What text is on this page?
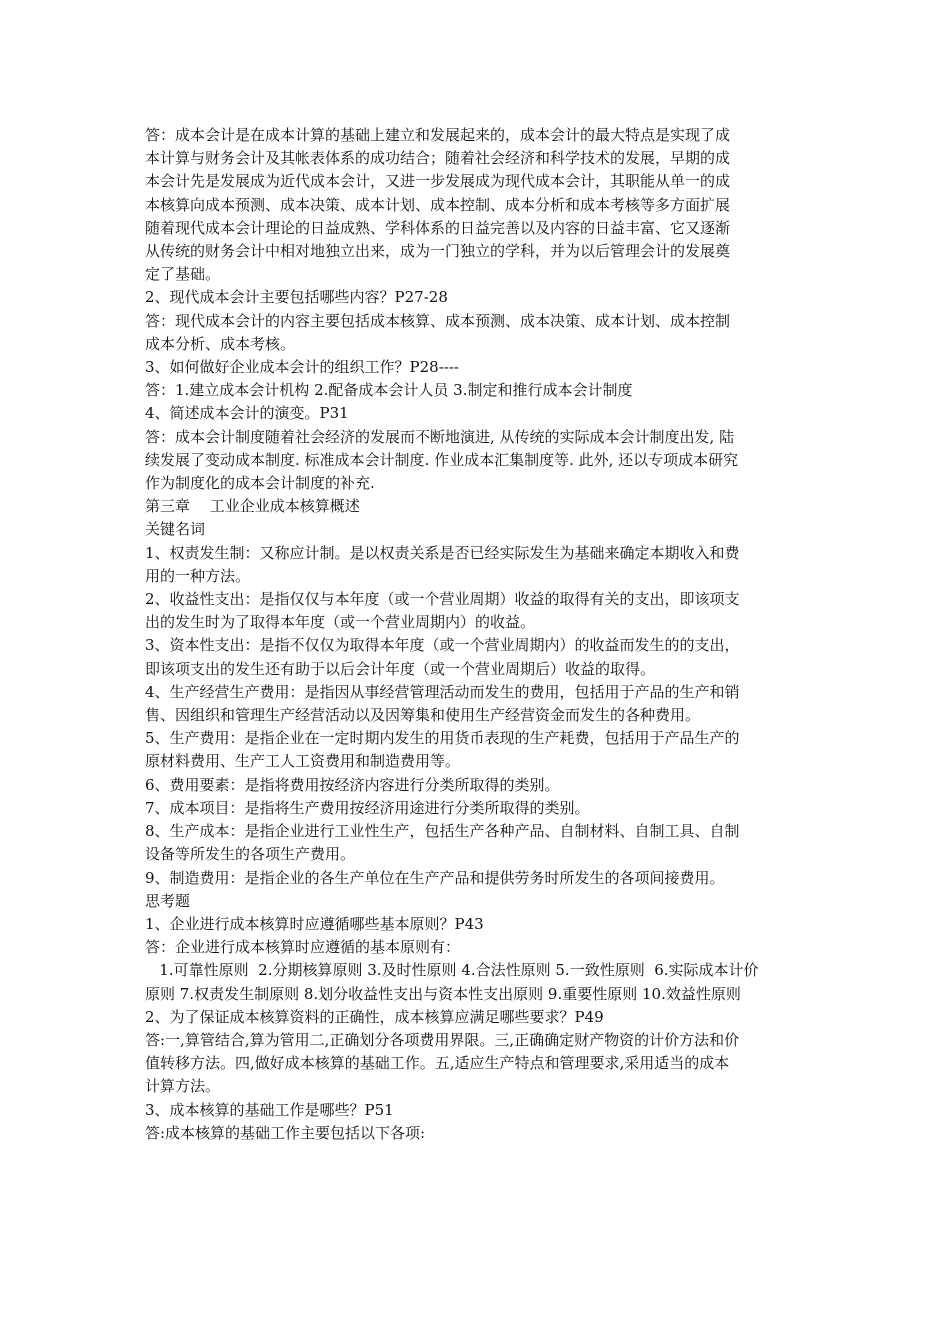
答：成本会计是在成本计算的基础上建立和发展起来的，成本会计的最大特点是实现了成

本计算与财务会计及其帐表体系的成功结合；随着社会经济和科学技术的发展，早期的成

本会计先是发展成为近代成本会计，又进一步发展成为现代成本会计，其职能从单一的成

本核算向成本预测、成本决策、成本计划、成本控制、成本分析和成本考核等多方面扩展

随着现代成本会计理论的日益成熟、学科体系的日益完善以及内容的日益丰富、它又逐渐

从传统的财务会计中相对地独立出来，成为一门独立的学科，并为以后管理会计的发展奠

定了基础。

2、现代成本会计主要包括哪些内容？P27-28

答：现代成本会计的内容主要包括成本核算、成本预测、成本决策、成本计划、成本控制

成本分析、成本考核。

3、如何做好企业成本会计的组织工作？P28----

答：1.建立成本会计机构 2.配备成本会计人员 3.制定和推行成本会计制度

4、简述成本会计的演变。P31

答：成本会计制度随着社会经济的发展而不断地演进, 从传统的实际成本会计制度出发, 陆

续发展了变动成本制度. 标准成本会计制度. 作业成本汇集制度等. 此外, 还以专项成本研究

作为制度化的成本会计制度的补充.

第三章　 工业企业成本核算概述

关键名词

1、权责发生制：又称应计制。是以权责关系是否已经实际发生为基础来确定本期收入和费

用的一种方法。

2、收益性支出：是指仅仅与本年度（或一个营业周期）收益的取得有关的支出，即该项支

出的发生时为了取得本年度（或一个营业周期内）的收益。

3、资本性支出：是指不仅仅为取得本年度（或一个营业周期内）的收益而发生的的支出，

即该项支出的发生还有助于以后会计年度（或一个营业周期后）收益的取得。

4、生产经营生产费用：是指因从事经营管理活动而发生的费用，包括用于产品的生产和销

售、因组织和管理生产经营活动以及因筹集和使用生产经营资金而发生的各种费用。

5、生产费用：是指企业在一定时期内发生的用货币表现的生产耗费，包括用于产品生产的

原材料费用、生产工人工资费用和制造费用等。

6、费用要素：是指将费用按经济内容进行分类所取得的类别。

7、成本项目：是指将生产费用按经济用途进行分类所取得的类别。

8、生产成本：是指企业进行工业性生产，包括生产各种产品、自制材料、自制工具、自制

设备等所发生的各项生产费用。

9、制造费用：是指企业的各生产单位在生产产品和提供劳务时所发生的各项间接费用。

思考题

1、企业进行成本核算时应遵循哪些基本原则？P43

答：企业进行成本核算时应遵循的基本原则有：

1.可靠性原则  2.分期核算原则 3.及时性原则 4.合法性原则 5.一致性原则  6.实际成本计价

原则 7.权责发生制原则 8.划分收益性支出与资本性支出原则 9.重要性原则 10.效益性原则

2、为了保证成本核算资料的正确性，成本核算应满足哪些要求？P49

答:一,算管结合,算为管用二,正确划分各项费用界限。三,正确确定财产物资的计价方法和价

值转移方法。四,做好成本核算的基础工作。五,适应生产特点和管理要求,采用适当的成本

计算方法。

3、成本核算的基础工作是哪些？P51

答:成本核算的基础工作主要包括以下各项:
